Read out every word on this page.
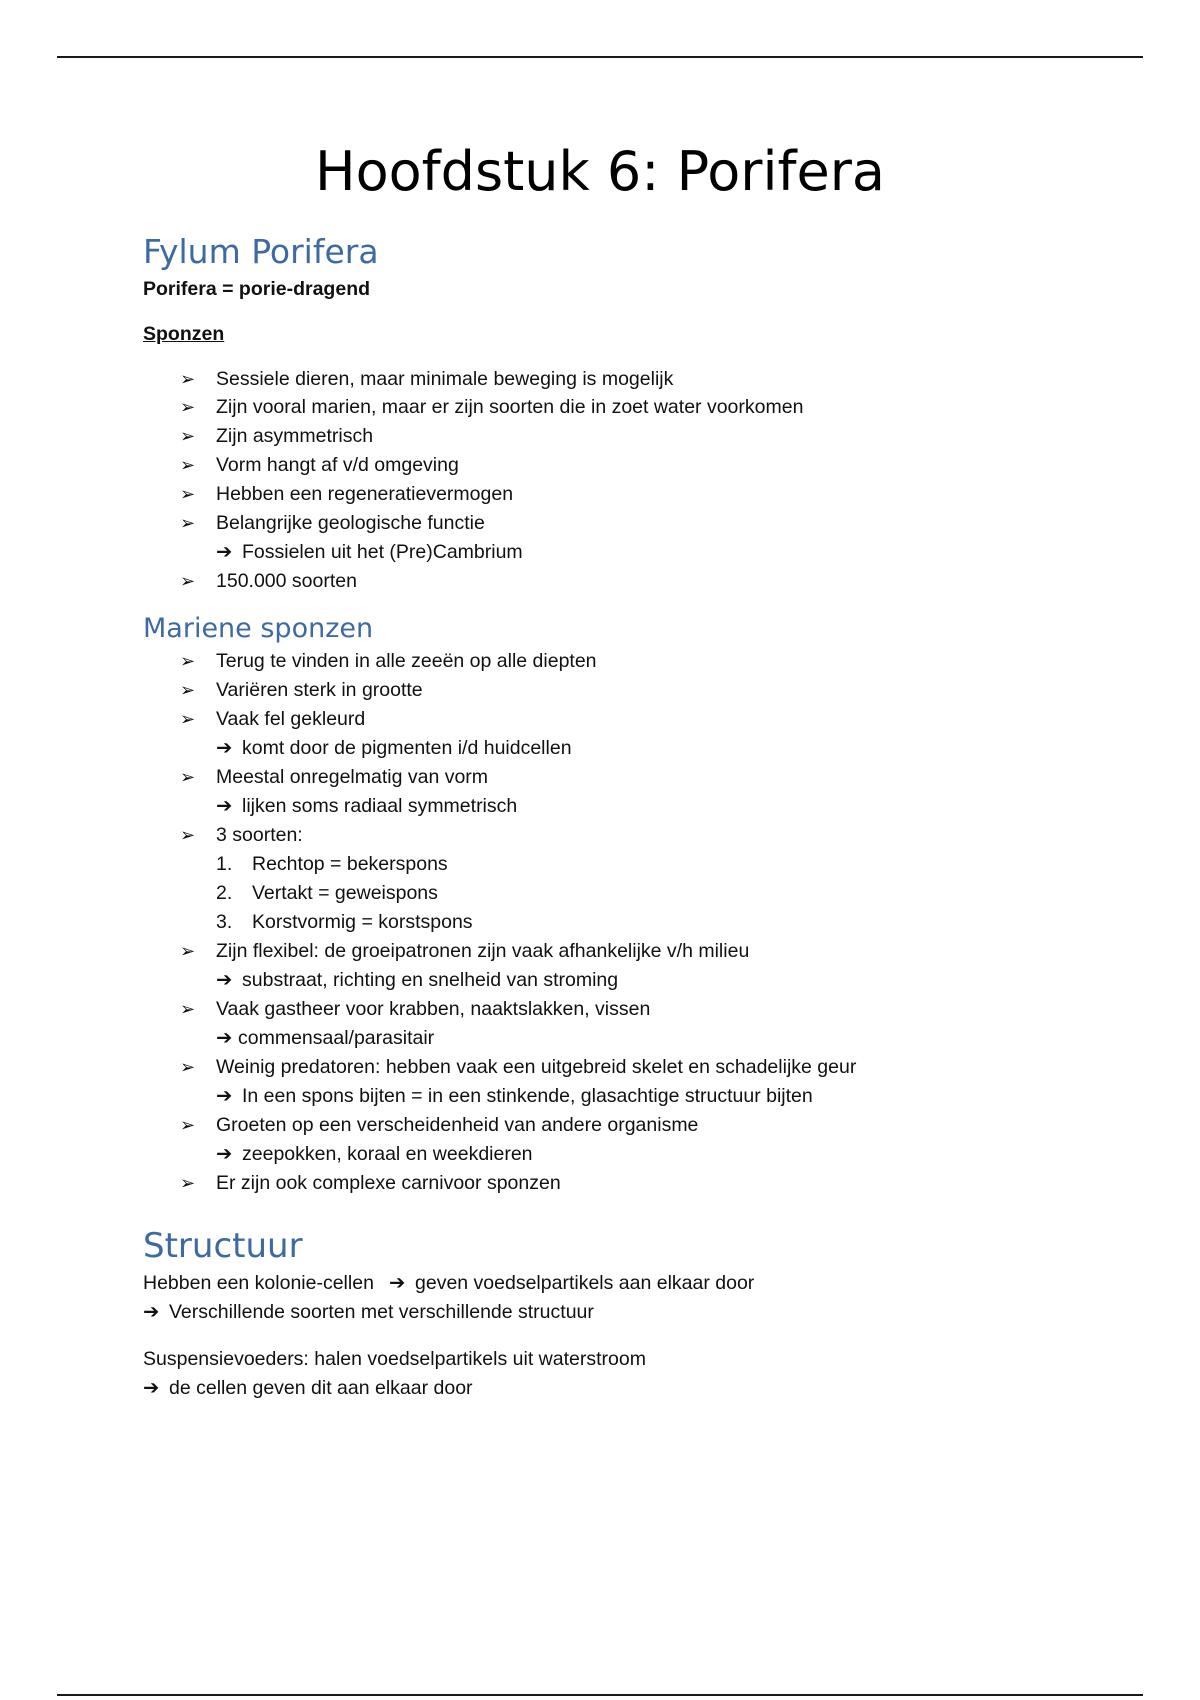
Hoofdstuk 6: Porifera
Fylum Porifera
Porifera = porie-dragend
Sponzen
➢ Sessiele dieren, maar minimale beweging is mogelijk
➢ Zijn vooral marien, maar er zijn soorten die in zoet water voorkomen
➢ Zijn asymmetrisch
➢ Vorm hangt af v/d omgeving
➢ Hebben een regeneratievermogen
➢ Belangrijke geologische functie
➔ Fossielen uit het (Pre)Cambrium
➢ 150.000 soorten
Mariene sponzen
➢ Terug te vinden in alle zeeën op alle diepten
➢ Variëren sterk in grootte
➢ Vaak fel gekleurd
➔ komt door de pigmenten i/d huidcellen
➢ Meestal onregelmatig van vorm
➔ lijken soms radiaal symmetrisch
➢ 3 soorten:
1. Rechtop = bekerspons
2. Vertakt = geweispons
3. Korstvormig = korstspons
➢ Zijn flexibel: de groeipatronen zijn vaak afhankelijke v/h milieu
➔ substraat, richting en snelheid van stroming
➢ Vaak gastheer voor krabben, naaktslakken, vissen
➔ commensaal/parasitair
➢ Weinig predatoren: hebben vaak een uitgebreid skelet en schadelijke geur
➔ In een spons bijten = in een stinkende, glasachtige structuur bijten
➢ Groeten op een verscheidenheid van andere organisme
➔ zeepokken, koraal en weekdieren
➢ Er zijn ook complexe carnivoor sponzen
Structuur
Hebben een kolonie-cellen ➔ geven voedselpartikels aan elkaar door
➔ Verschillende soorten met verschillende structuur
Suspensievoeders: halen voedselpartikels uit waterstroom
➔ de cellen geven dit aan elkaar door
